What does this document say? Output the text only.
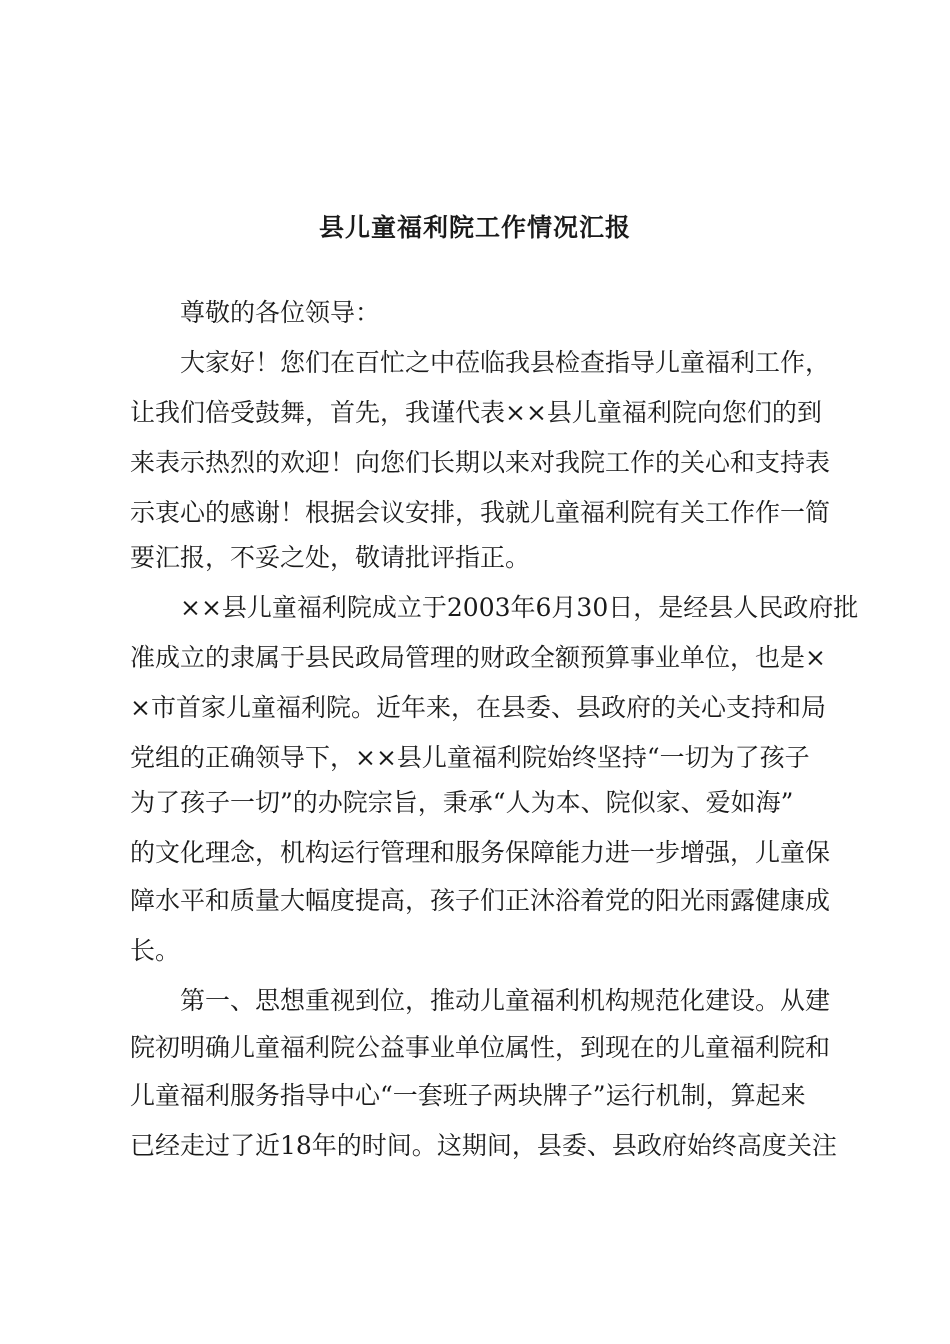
县儿童福利院工作情况汇报
尊敬的各位领导：
大家好！您们在百忙之中莅临我县检查指导儿童福利工作，
让我们倍受鼓舞，首先，我谨代表××县儿童福利院向您们的到
来表示热烈的欢迎！向您们长期以来对我院工作的关心和支持表
示衷心的感谢！根据会议安排，我就儿童福利院有关工作作一简
要汇报，不妥之处，敬请批评指正。
××县儿童福利院成立于2003年6月30日，是经县人民政府批
准成立的隶属于县民政局管理的财政全额预算事业单位，也是×
×市首家儿童福利院。近年来，在县委、县政府的关心支持和局
党组的正确领导下，××县儿童福利院始终坚持“一切为了孩子
为了孩子一切”的办院宗旨，秉承“人为本、院似家、爱如海”
的文化理念，机构运行管理和服务保障能力进一步增强，儿童保
障水平和质量大幅度提高，孩子们正沐浴着党的阳光雨露健康成
长。
第一、思想重视到位，推动儿童福利机构规范化建设。从建
院初明确儿童福利院公益事业单位属性，到现在的儿童福利院和
儿童福利服务指导中心“一套班子两块牌子”运行机制，算起来
已经走过了近18年的时间。这期间，县委、县政府始终高度关注
